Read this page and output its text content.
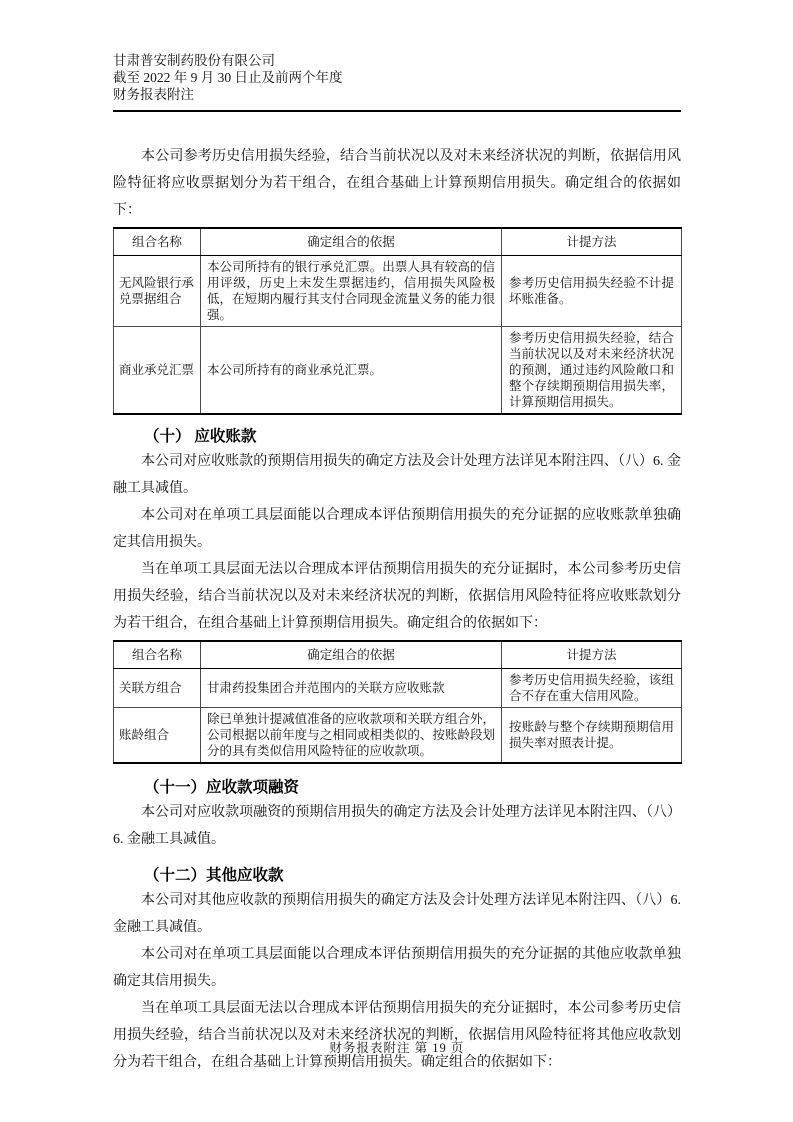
甘肃普安制药股份有限公司
截至 2022 年 9 月 30 日止及前两个年度
财务报表附注

本公司参考历史信用损失经验，结合当前状况以及对未来经济状况的判断，依据信用风险特征将应收票据划分为若干组合，在组合基础上计算预期信用损失。确定组合的依据如下：

组合名称	确定组合的依据	计提方法
无风险银行承兑票据组合	本公司所持有的银行承兑汇票。出票人具有较高的信用评级，历史上未发生票据违约，信用损失风险极低，在短期内履行其支付合同现金流量义务的能力很强。	参考历史信用损失经验不计提坏账准备。
商业承兑汇票	本公司所持有的商业承兑汇票。	参考历史信用损失经验，结合当前状况以及对未来经济状况的预测，通过违约风险敞口和整个存续期预期信用损失率，计算预期信用损失。
（十） 应收账款

本公司对应收账款的预期信用损失的确定方法及会计处理方法详见本附注四、（八）6. 金融工具减值。

本公司对在单项工具层面能以合理成本评估预期信用损失的充分证据的应收账款单独确定其信用损失。

当在单项工具层面无法以合理成本评估预期信用损失的充分证据时，本公司参考历史信用损失经验，结合当前状况以及对未来经济状况的判断，依据信用风险特征将应收账款划分为若干组合，在组合基础上计算预期信用损失。确定组合的依据如下：

组合名称	确定组合的依据	计提方法
关联方组合	甘肃药投集团合并范围内的关联方应收账款	参考历史信用损失经验，该组合不存在重大信用风险。
账龄组合	除已单独计提减值准备的应收款项和关联方组合外，公司根据以前年度与之相同或相类似的、按账龄段划分的具有类似信用风险特征的应收款项。	按账龄与整个存续期预期信用损失率对照表计提。
（十一）应收款项融资

本公司对应收款项融资的预期信用损失的确定方法及会计处理方法详见本附注四、（八）6. 金融工具减值。

（十二）其他应收款

本公司对其他应收款的预期信用损失的确定方法及会计处理方法详见本附注四、（八）6. 金融工具减值。

本公司对在单项工具层面能以合理成本评估预期信用损失的充分证据的其他应收款单独确定其信用损失。

当在单项工具层面无法以合理成本评估预期信用损失的充分证据时，本公司参考历史信用损失经验，结合当前状况以及对未来经济状况的判断，依据信用风险特征将其他应收款划分为若干组合，在组合基础上计算预期信用损失。确定组合的依据如下：

财务报表附注 第 19 页
